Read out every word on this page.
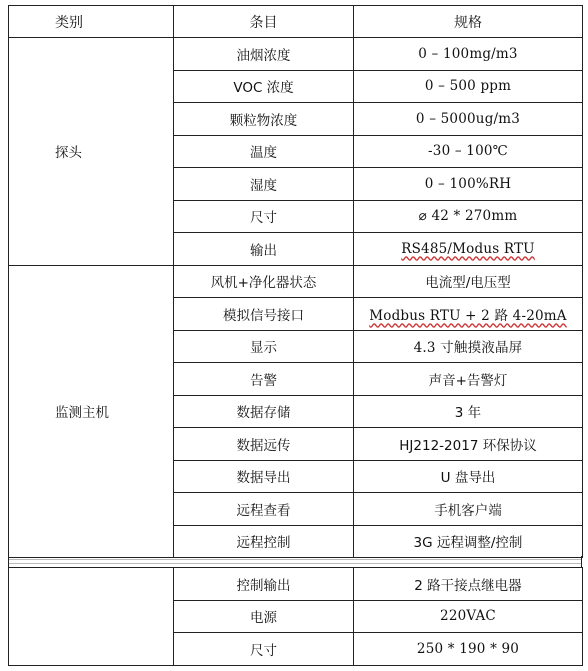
类别	条目	规格
探头	油烟浓度	0 – 100mg/m3
	VOC 浓度	0 – 500 ppm
	颗粒物浓度	0 – 5000ug/m3
	温度	-30 – 100℃
	湿度	0 – 100%RH
	尺寸	⌀ 42 * 270mm
	输出	RS485/Modus RTU
监测主机	风机+净化器状态	电流型/电压型
	模拟信号接口	Modbus RTU + 2 路 4-20mA
	显示	4.3 寸触摸液晶屏
	告警	声音+告警灯
	数据存储	3 年
	数据远传	HJ212-2017 环保协议
	数据导出	U 盘导出
	远程查看	手机客户端
	远程控制	3G 远程调整/控制
	控制输出	2 路干接点继电器
	电源	220VAC
	尺寸	250 * 190 * 90
